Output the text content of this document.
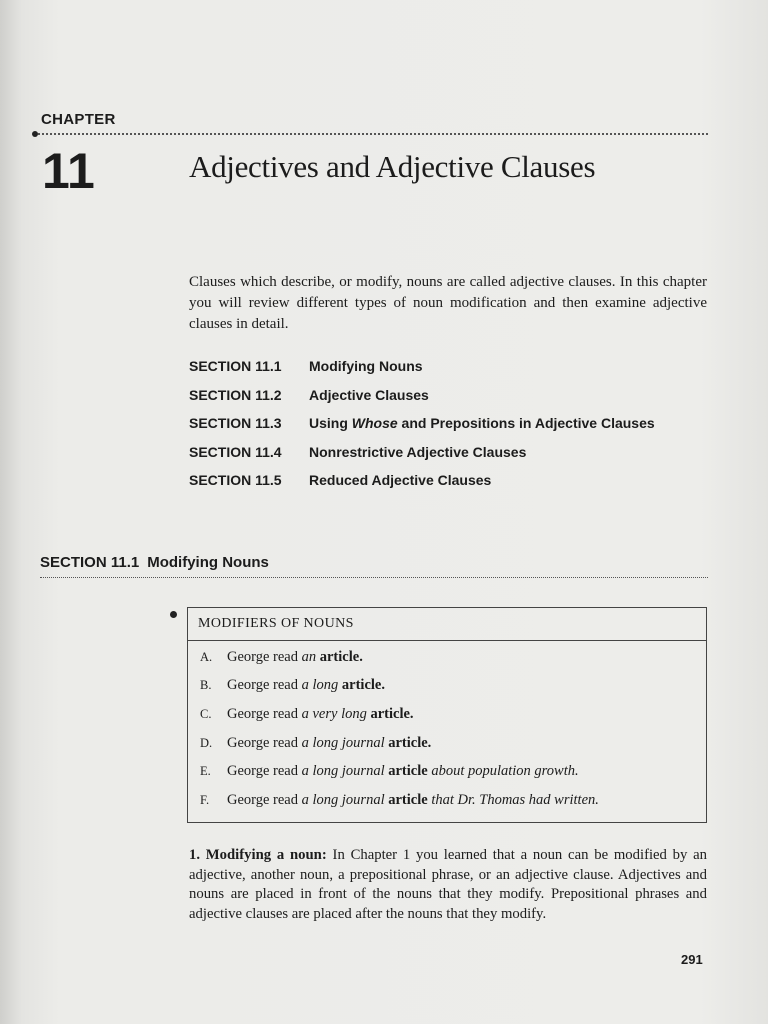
CHAPTER
11	Adjectives and Adjective Clauses
Clauses which describe, or modify, nouns are called adjective clauses. In this chapter you will review different types of noun modification and then examine adjective clauses in detail.
SECTION 11.1	Modifying Nouns
SECTION 11.2	Adjective Clauses
SECTION 11.3	Using Whose and Prepositions in Adjective Clauses
SECTION 11.4	Nonrestrictive Adjective Clauses
SECTION 11.5	Reduced Adjective Clauses
SECTION 11.1 Modifying Nouns
MODIFIERS OF NOUNS
A.	George read an article.
B.	George read a long article.
C.	George read a very long article.
D.	George read a long journal article.
E.	George read a long journal article about population growth.
F.	George read a long journal article that Dr. Thomas had written.
1. Modifying a noun: In Chapter 1 you learned that a noun can be modified by an adjective, another noun, a prepositional phrase, or an adjective clause. Adjectives and nouns are placed in front of the nouns that they modify. Prepositional phrases and adjective clauses are placed after the nouns that they modify.
291
